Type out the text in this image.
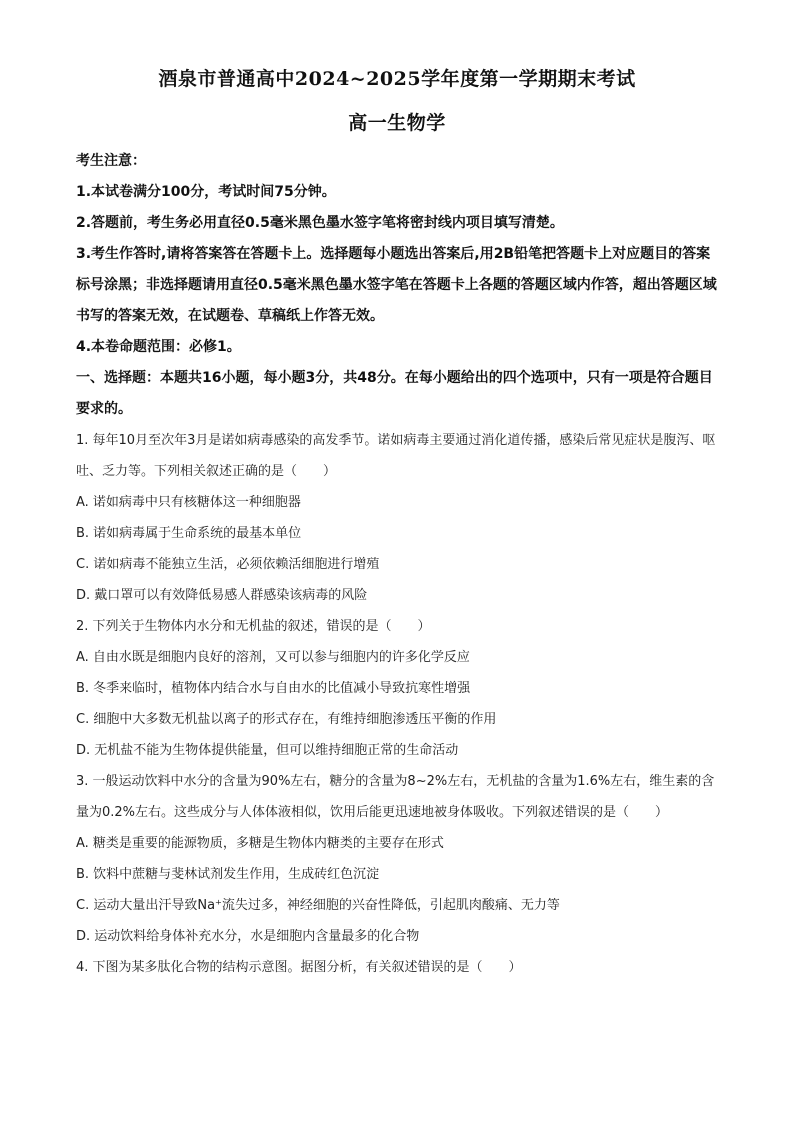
酒泉市普通高中2024~2025学年度第一学期期末考试
高一生物学

考生注意：

1.本试卷满分100分，考试时间75分钟。

2.答题前，考生务必用直径0.5毫米黑色墨水签字笔将密封线内项目填写清楚。

3.考生作答时,请将答案答在答题卡上。选择题每小题选出答案后,用2B铅笔把答题卡上对应题目的答案标号涂黑；非选择题请用直径0.5毫米黑色墨水签字笔在答题卡上各题的答题区域内作答，超出答题区域书写的答案无效，在试题卷、草稿纸上作答无效。

4.本卷命题范围：必修1。

一、选择题：本题共16小题，每小题3分，共48分。在每小题给出的四个选项中，只有一项是符合题目要求的。

1. 每年10月至次年3月是诺如病毒感染的高发季节。诺如病毒主要通过消化道传播，感染后常见症状是腹泻、呕吐、乏力等。下列相关叙述正确的是（　　）

A. 诺如病毒中只有核糖体这一种细胞器

B. 诺如病毒属于生命系统的最基本单位

C. 诺如病毒不能独立生活，必须依赖活细胞进行增殖

D. 戴口罩可以有效降低易感人群感染该病毒的风险

2. 下列关于生物体内水分和无机盐的叙述，错误的是（　　）

A. 自由水既是细胞内良好的溶剂，又可以参与细胞内的许多化学反应

B. 冬季来临时，植物体内结合水与自由水的比值减小导致抗寒性增强

C. 细胞中大多数无机盐以离子的形式存在，有维持细胞渗透压平衡的作用

D. 无机盐不能为生物体提供能量，但可以维持细胞正常的生命活动

3. 一般运动饮料中水分的含量为90%左右，糖分的含量为8~2%左右，无机盐的含量为1.6%左右，维生素的含量为0.2%左右。这些成分与人体体液相似，饮用后能更迅速地被身体吸收。下列叙述错误的是（　　）

A. 糖类是重要的能源物质，多糖是生物体内糖类的主要存在形式

B. 饮料中蔗糖与斐林试剂发生作用，生成砖红色沉淀

C. 运动大量出汗导致Na⁺流失过多，神经细胞的兴奋性降低，引起肌肉酸痛、无力等

D. 运动饮料给身体补充水分，水是细胞内含量最多的化合物

4. 下图为某多肽化合物的结构示意图。据图分析，有关叙述错误的是（　　）
